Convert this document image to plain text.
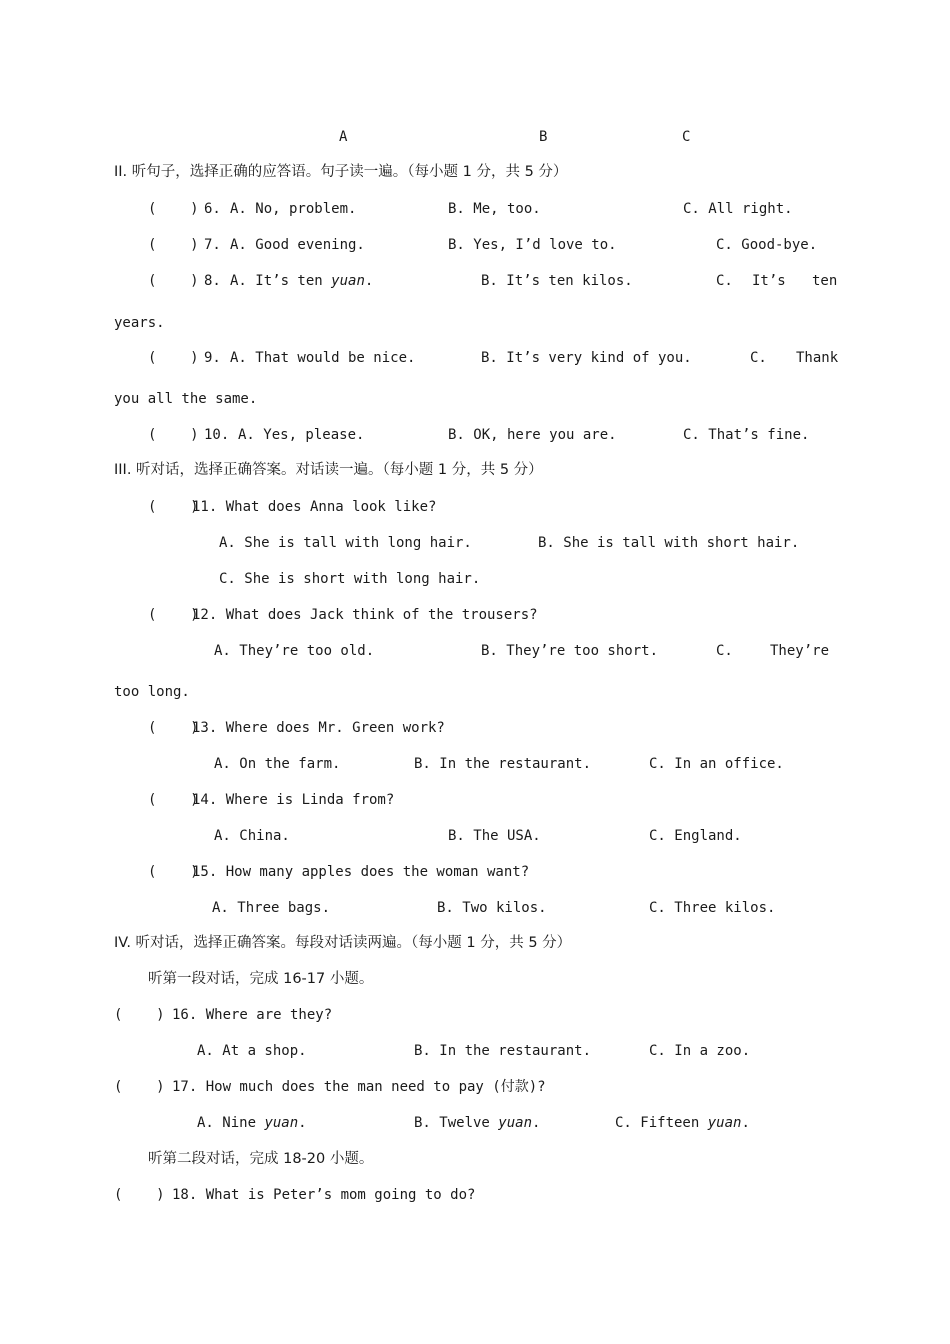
A	B	C
II. 听句子，选择正确的应答语。句子读一遍。（每小题 1 分，共 5 分）
(    ) 6. A. No, problem.	B. Me, too.	C. All right.
(    ) 7. A. Good evening.	B. Yes, I’d love to.	C. Good-bye.
(    ) 8. A. It’s ten yuan.	B. It’s ten kilos.	C. It’s ten
years.
(    ) 9. A. That would be nice.	B. It’s very kind of you.	C. Thank
you all the same.
(    ) 10. A. Yes, please.	B. OK, here you are.	C. That’s fine.
III. 听对话，选择正确答案。对话读一遍。（每小题 1 分，共 5 分）
(    )
11. What does Anna look like?
A. She is tall with long hair.	B. She is tall with short hair.
C. She is short with long hair.
(    )
12. What does Jack think of the trousers?
A. They’re too old.	B. They’re too short.	C.	They’re
too long.
(    )
13. Where does Mr. Green work?
A. On the farm.	B. In the restaurant.	C. In an office.
(    )
14. Where is Linda from?
A. China.	B. The USA.	C. England.
(    )
15. How many apples does the woman want?
A. Three bags.	B. Two kilos.	C. Three kilos.
IV. 听对话，选择正确答案。每段对话读两遍。（每小题 1 分，共 5 分）
听第一段对话，完成 16-17 小题。
(    ) 16. Where are they?
A. At a shop.	B. In the restaurant.	C. In a zoo.
(    ) 17. How much does the man need to pay (付款)?
A. Nine yuan.	B. Twelve yuan.	C. Fifteen yuan.
听第二段对话，完成 18-20 小题。
(    ) 18. What is Peter’s mom going to do?
